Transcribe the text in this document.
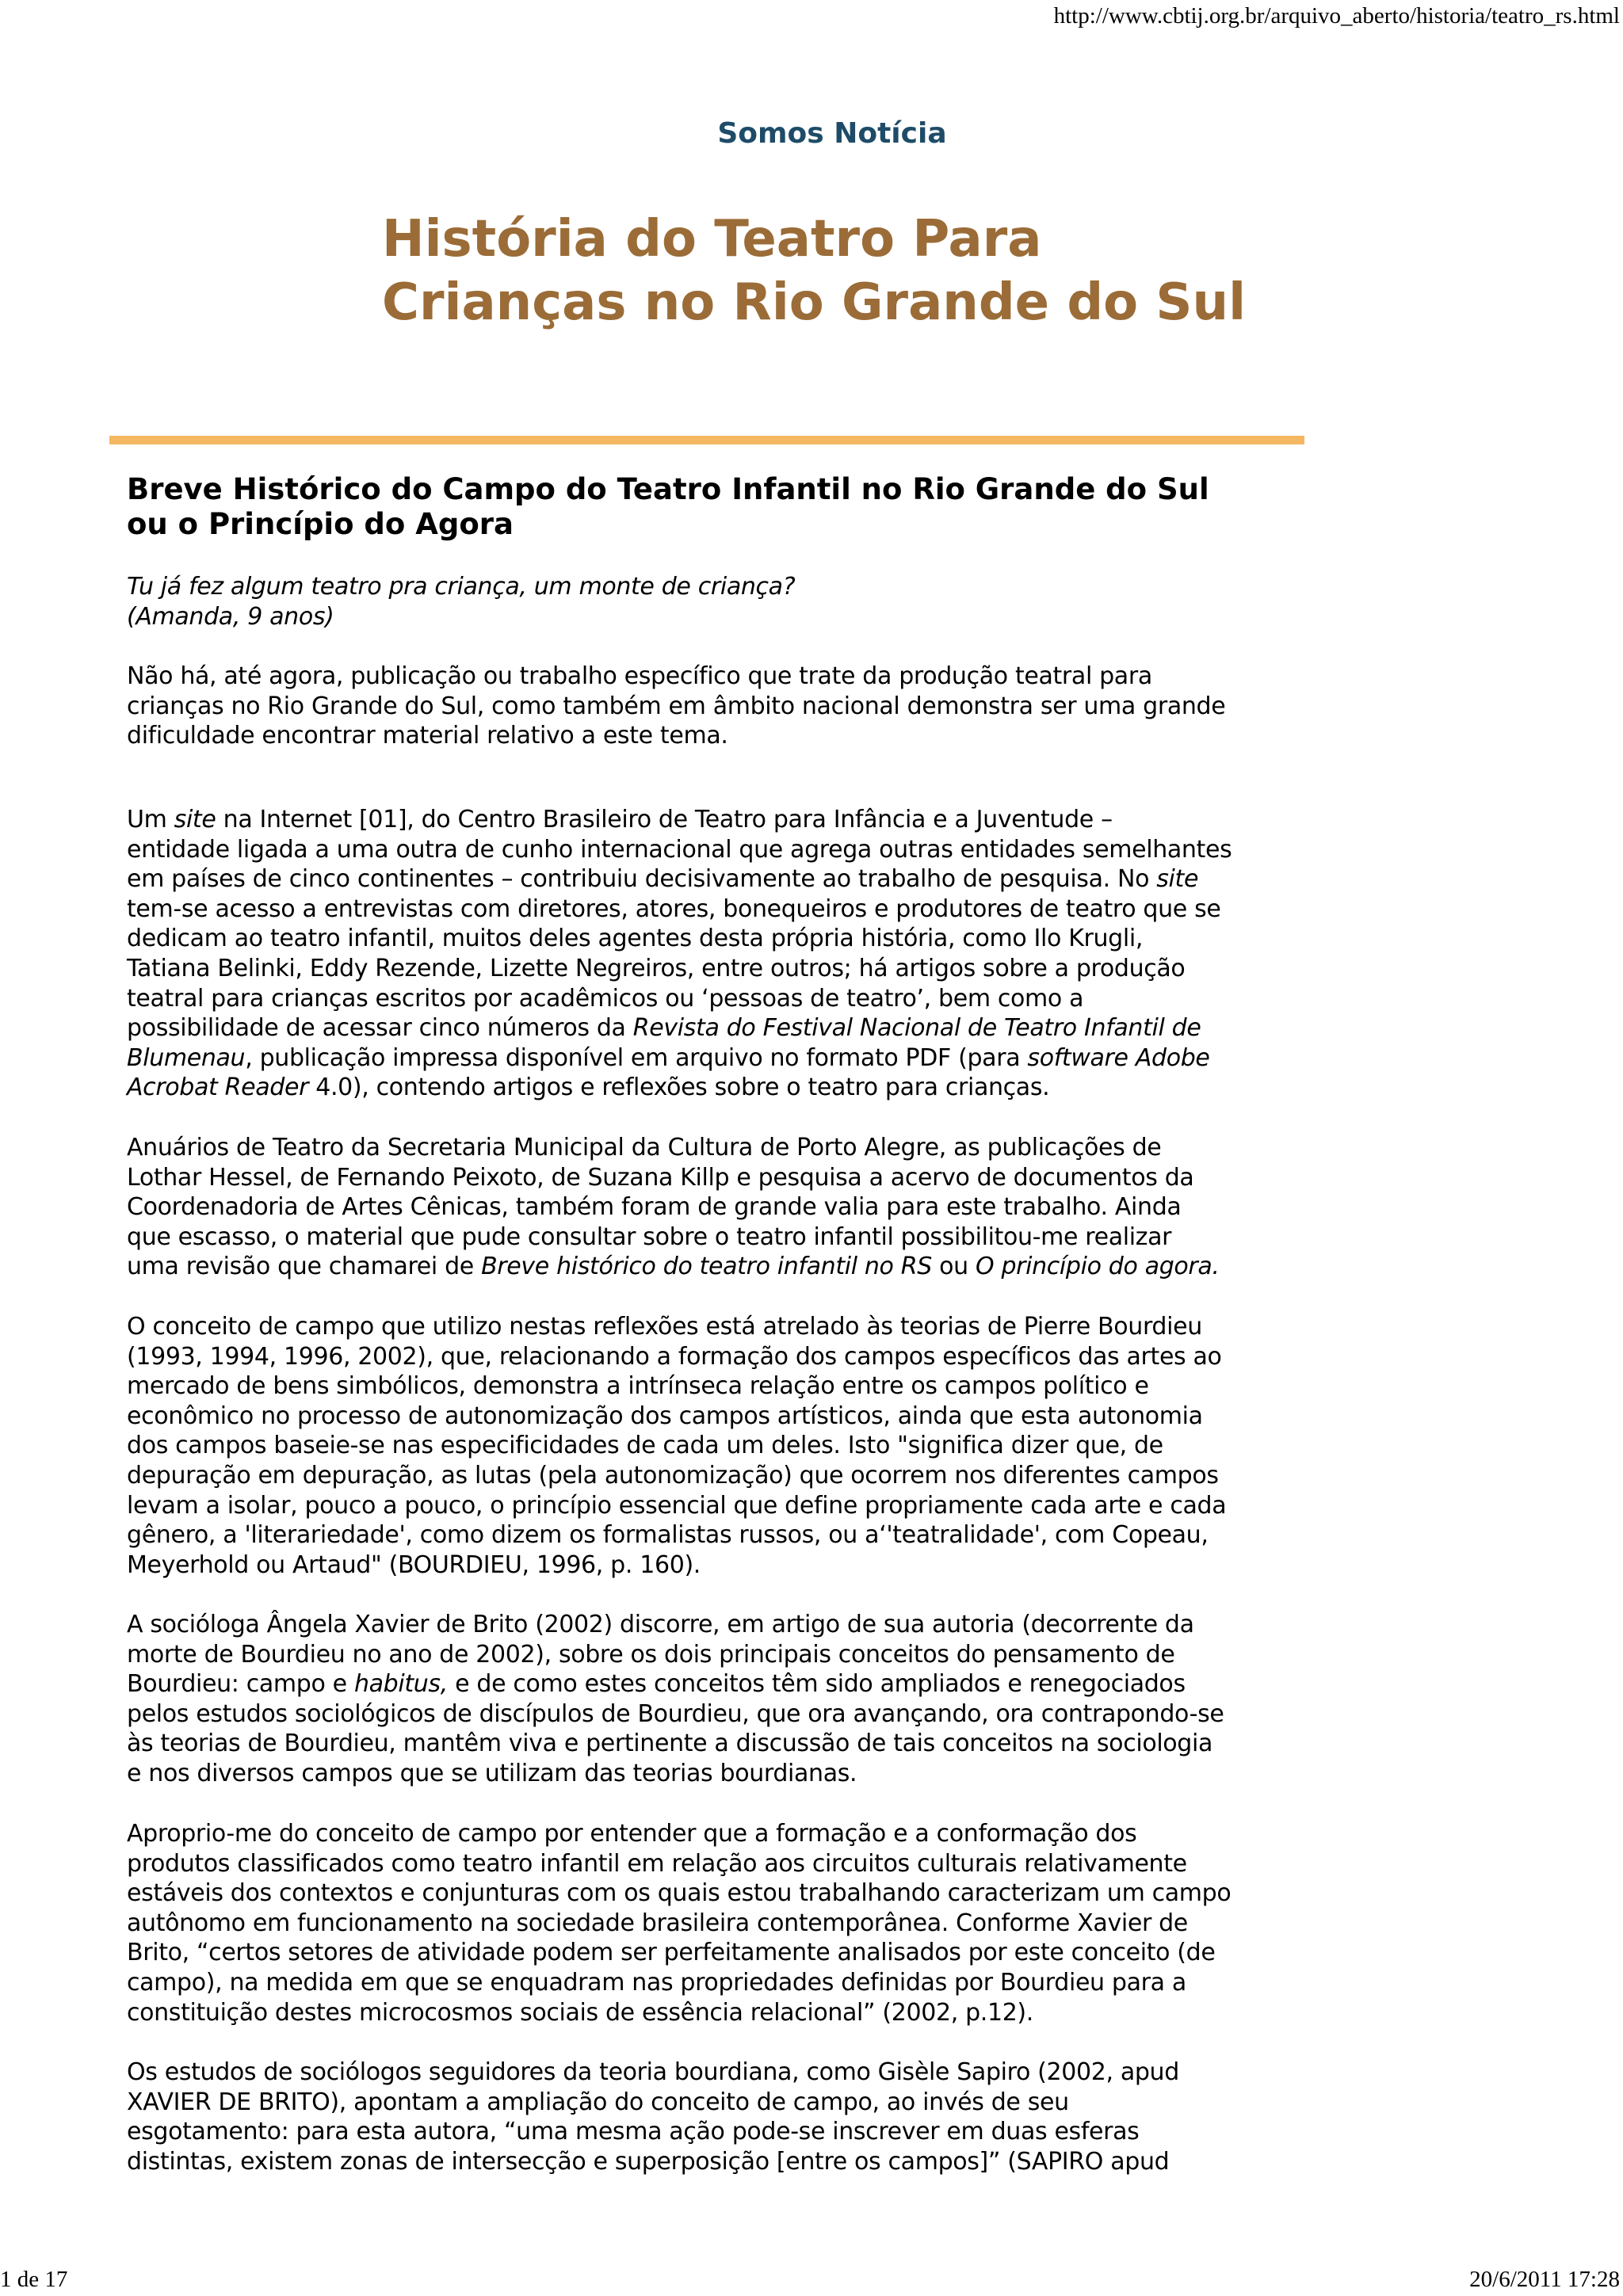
http://www.cbtij.org.br/arquivo_aberto/historia/teatro_rs.html
Somos Notícia
História do Teatro Para
Crianças no Rio Grande do Sul
Breve Histórico do Campo do Teatro Infantil no Rio Grande do Sul
ou o Princípio do Agora
Tu já fez algum teatro pra criança, um monte de criança?
(Amanda, 9 anos)
Não há, até agora, publicação ou trabalho específico que trate da produção teatral para
crianças no Rio Grande do Sul, como também em âmbito nacional demonstra ser uma grande
dificuldade encontrar material relativo a este tema.
Um site na Internet [01], do Centro Brasileiro de Teatro para Infância e a Juventude –
entidade ligada a uma outra de cunho internacional que agrega outras entidades semelhantes
em países de cinco continentes – contribuiu decisivamente ao trabalho de pesquisa. No site
tem-se acesso a entrevistas com diretores, atores, bonequeiros e produtores de teatro que se
dedicam ao teatro infantil, muitos deles agentes desta própria história, como Ilo Krugli,
Tatiana Belinki, Eddy Rezende, Lizette Negreiros, entre outros; há artigos sobre a produção
teatral para crianças escritos por acadêmicos ou ‘pessoas de teatro’, bem como a
possibilidade de acessar cinco números da Revista do Festival Nacional de Teatro Infantil de
Blumenau, publicação impressa disponível em arquivo no formato PDF (para software Adobe
Acrobat Reader 4.0), contendo artigos e reflexões sobre o teatro para crianças.
Anuários de Teatro da Secretaria Municipal da Cultura de Porto Alegre, as publicações de
Lothar Hessel, de Fernando Peixoto, de Suzana Killp e pesquisa a acervo de documentos da
Coordenadoria de Artes Cênicas, também foram de grande valia para este trabalho. Ainda
que escasso, o material que pude consultar sobre o teatro infantil possibilitou-me realizar
uma revisão que chamarei de Breve histórico do teatro infantil no RS ou O princípio do agora.
O conceito de campo que utilizo nestas reflexões está atrelado às teorias de Pierre Bourdieu
(1993, 1994, 1996, 2002), que, relacionando a formação dos campos específicos das artes ao
mercado de bens simbólicos, demonstra a intrínseca relação entre os campos político e
econômico no processo de autonomização dos campos artísticos, ainda que esta autonomia
dos campos baseie-se nas especificidades de cada um deles. Isto "significa dizer que, de
depuração em depuração, as lutas (pela autonomização) que ocorrem nos diferentes campos
levam a isolar, pouco a pouco, o princípio essencial que define propriamente cada arte e cada
gênero, a 'literariedade', como dizem os formalistas russos, ou a‘'teatralidade', com Copeau,
Meyerhold ou Artaud" (BOURDIEU, 1996, p. 160).
A socióloga Ângela Xavier de Brito (2002) discorre, em artigo de sua autoria (decorrente da
morte de Bourdieu no ano de 2002), sobre os dois principais conceitos do pensamento de
Bourdieu: campo e habitus, e de como estes conceitos têm sido ampliados e renegociados
pelos estudos sociológicos de discípulos de Bourdieu, que ora avançando, ora contrapondo-se
às teorias de Bourdieu, mantêm viva e pertinente a discussão de tais conceitos na sociologia
e nos diversos campos que se utilizam das teorias bourdianas.
Aproprio-me do conceito de campo por entender que a formação e a conformação dos
produtos classificados como teatro infantil em relação aos circuitos culturais relativamente
estáveis dos contextos e conjunturas com os quais estou trabalhando caracterizam um campo
autônomo em funcionamento na sociedade brasileira contemporânea. Conforme Xavier de
Brito, “certos setores de atividade podem ser perfeitamente analisados por este conceito (de
campo), na medida em que se enquadram nas propriedades definidas por Bourdieu para a
constituição destes microcosmos sociais de essência relacional” (2002, p.12).
Os estudos de sociólogos seguidores da teoria bourdiana, como Gisèle Sapiro (2002, apud
XAVIER DE BRITO), apontam a ampliação do conceito de campo, ao invés de seu
esgotamento: para esta autora, “uma mesma ação pode-se inscrever em duas esferas
distintas, existem zonas de intersecção e superposição [entre os campos]” (SAPIRO apud
1 de 17	20/6/2011 17:28
